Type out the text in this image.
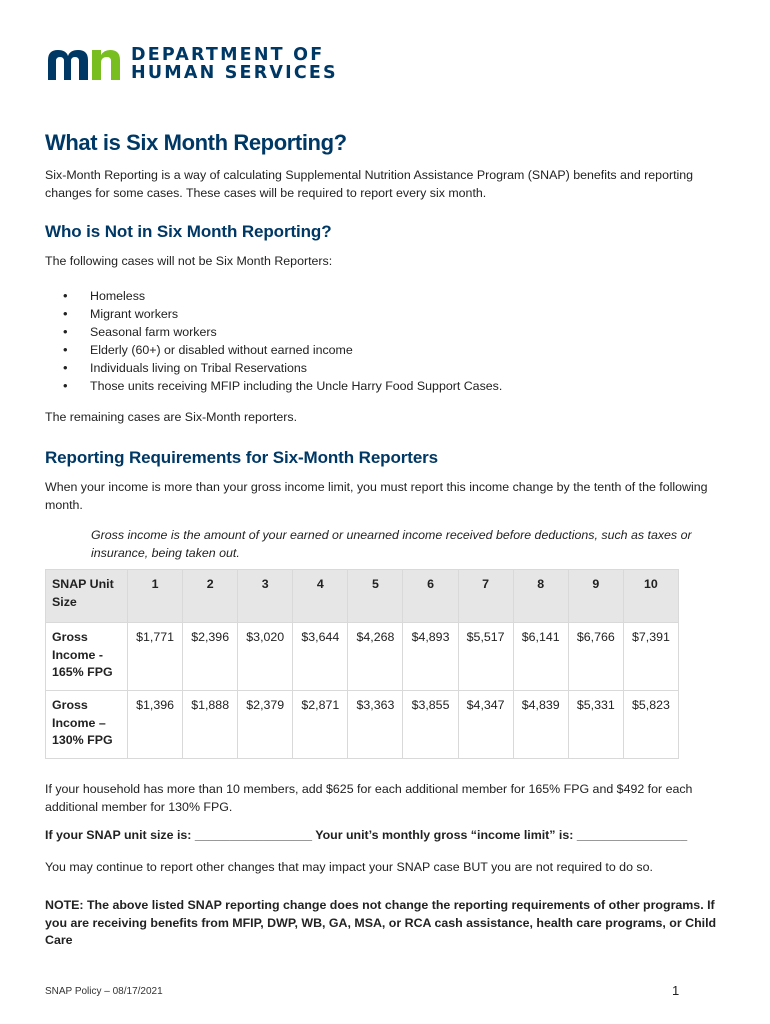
DEPARTMENT OF
HUMAN SERVICES
What is Six Month Reporting?

Six-Month Reporting is a way of calculating Supplemental Nutrition Assistance Program (SNAP) benefits and reporting changes for some cases. These cases will be required to report every six month.

Who is Not in Six Month Reporting?

The following cases will not be Six Month Reporters:

• Homeless
• Migrant workers
• Seasonal farm workers
• Elderly (60+) or disabled without earned income
• Individuals living on Tribal Reservations
• Those units receiving MFIP including the Uncle Harry Food Support Cases.

The remaining cases are Six-Month reporters.

Reporting Requirements for Six-Month Reporters

When your income is more than your gross income limit, you must report this income change by the tenth of the following month.

Gross income is the amount of your earned or unearned income received before deductions, such as taxes or insurance, being taken out.

SNAP Unit Size	1	2	3	4	5	6	7	8	9	10
Gross Income - 165% FPG	$1,771	$2,396	$3,020	$3,644	$4,268	$4,893	$5,517	$6,141	$6,766	$7,391
Gross Income – 130% FPG	$1,396	$1,888	$2,379	$2,871	$3,363	$3,855	$4,347	$4,839	$5,331	$5,823

If your household has more than 10 members, add $625 for each additional member for 165% FPG and $492 for each additional member for 130% FPG.

If your SNAP unit size is: _________________ Your unit’s monthly gross “income limit” is: ________________

You may continue to report other changes that may impact your SNAP case BUT you are not required to do so.

NOTE: The above listed SNAP reporting change does not change the reporting requirements of other programs. If you are receiving benefits from MFIP, DWP, WB, GA, MSA, or RCA cash assistance, health care programs, or Child Care

SNAP Policy – 08/17/2021	1
